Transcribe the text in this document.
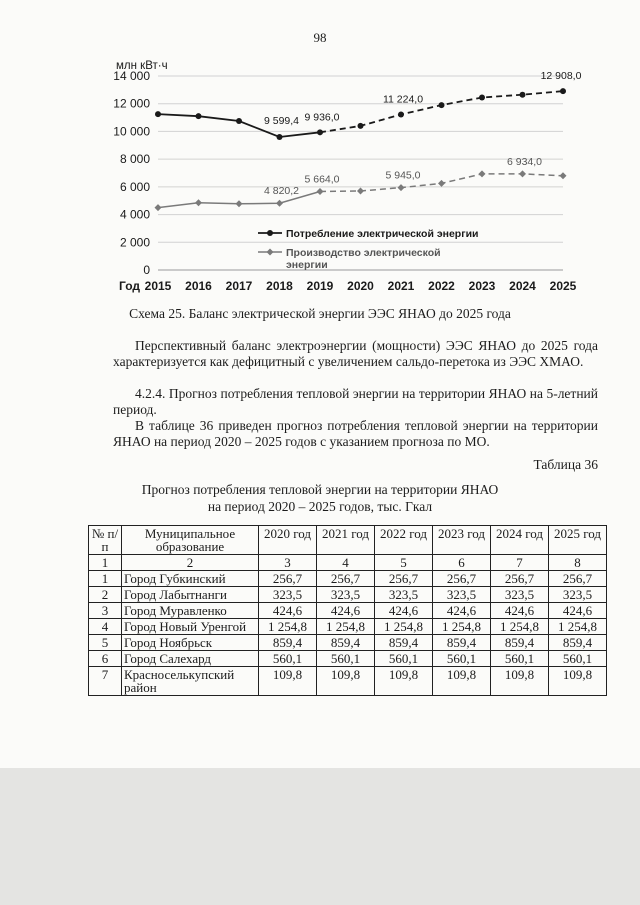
98
0
2 000
4 000
6 000
8 000
10 000
12 000
14 000
млн кВт·ч
Год 2015 2016 2017 2018 2019 2020 2021 2022 2023 2024 2025
9 599,4 9 936,0
11 224,0
12 908,0
4 820,2
5 664,0	5 945,0
6 934,0
Потребление электрической энергии
Производство электрической энергии
Схема 25. Баланс электрической энергии ЭЭС ЯНАО до 2025 года

Перспективный баланс электроэнергии (мощности) ЭЭС ЯНАО до 2025 года характеризуется как дефицитный с увеличением сальдо-перетока из ЭЭС ХМАО.

4.2.4. Прогноз потребления тепловой энергии на территории ЯНАО на 5-летний период.

В таблице 36 приведен прогноз потребления тепловой энергии на территории ЯНАО на период 2020 – 2025 годов с указанием прогноза по МО.

Таблица 36
Прогноз потребления тепловой энергии на территории ЯНАО
на период 2020 – 2025 годов, тыс. Гкал
№ п/п	Муниципальное образование	2020 год	2021 год	2022 год	2023 год	2024 год	2025 год
1	2	3	4	5	6	7	8
1	Город Губкинский	256,7	256,7	256,7	256,7	256,7	256,7
2	Город Лабытнанги	323,5	323,5	323,5	323,5	323,5	323,5
3	Город Муравленко	424,6	424,6	424,6	424,6	424,6	424,6
4	Город Новый Уренгой	1 254,8	1 254,8	1 254,8	1 254,8	1 254,8	1 254,8
5	Город Ноябрьск	859,4	859,4	859,4	859,4	859,4	859,4
6	Город Салехард	560,1	560,1	560,1	560,1	560,1	560,1
7	Красноселькупский район	109,8	109,8	109,8	109,8	109,8	109,8
